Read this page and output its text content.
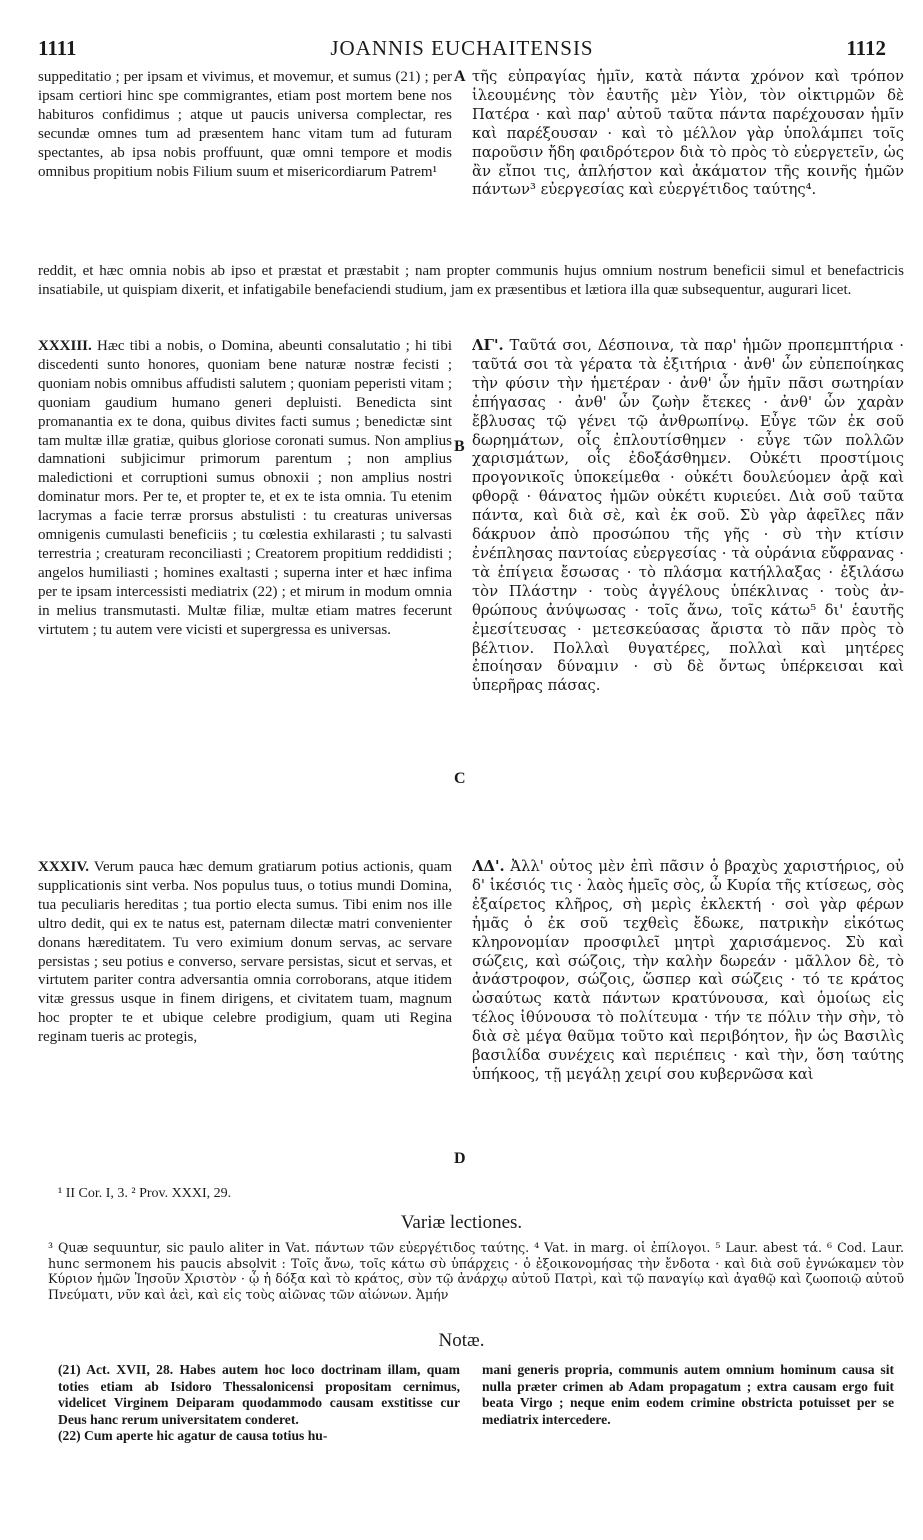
1111	JOANNIS EUCHAITENSIS	1112

suppeditatio ; per ipsam et vivimus, et movemur, et sumus (21) ; per ipsam certiori hinc spe commigrantes, etiam post mortem bene nos habituros confidimus ; atque ut paucis universa complectar, res secundæ omnes tum ad præsentem hanc vitam tum ad futuram spectantes, ab ipsa nobis proffuunt, quæ omni tempore et modis omnibus propitium nobis Filium suum et misericordiarum Patrem¹

τῆς εὐπραγίας ἡμῖν, κατὰ πάντα χρόνον καὶ τρόπον ἱλεουμένης τὸν ἑαυτῆς μὲν Υἱὸν, τὸν οἰκτιρμῶν δὲ Πατέρα · καὶ παρ' αὐτοῦ ταῦτα πάντα παρέχουσαν ἡμῖν καὶ παρέξουσαν · καὶ τὸ μέλλον γὰρ ὑπολάμπει τοῖς παροῦσιν ἤδη φαιδρότερον διὰ τὸ πρὸς τὸ εὐεργετεῖν, ὡς ἂν εἴποι τις, ἀπλήστον καὶ ἀκάματον τῆς κοινῆς ἡμῶν πάντων³ εὐεργεσίας καὶ εὐεργέτιδος ταύτης⁴.

reddit, et hæc omnia nobis ab ipso et præstat et præstabit ; nam propter communis hujus omnium nostrum beneficii simul et benefactricis insatiabile, ut quispiam dixerit, et infatigabile benefaciendi studium, jam ex præsentibus et lætiora illa quæ subsequentur, augurari licet.

XXXIII. Hæc tibi a nobis, o Domina, abeunti consalutatio ; hi tibi discedenti sunto honores, quoniam bene naturæ nostræ fecisti ; quoniam nobis omnibus affudisti salutem ; quoniam peperisti vitam ; quoniam gaudium humano generi depluisti. Benedicta sint promanantia ex te dona, quibus divites facti sumus ; benedictæ sint tam multæ illæ gratiæ, quibus gloriose coronati sumus. Non amplius damnationi subjicimur primorum parentum ; non amplius maledictioni et corruptioni sumus obnoxii ; non amplius nostri dominatur mors. Per te, et propter te, et ex te ista omnia. Tu etenim lacrymas a facie terræ prorsus abstulisti : tu creaturas universas omnigenis cumulasti beneficiis ; tu cœlestia exhilarasti ; tu salvasti terrestria ; creaturam reconciliasti ; Creatorem propitium reddidisti ; angelos humiliasti ; homines exaltasti ; superna inter et hæc infima per te ipsam intercessisti mediatrix (22) ; et mirum in modum omnia in melius transmutasti. Multæ filiæ, multæ etiam matres fecerunt virtutem ; tu autem vere vicisti et supergressa es universas.

ΛΓ'. Ταῦτά σοι, Δέσποινα, τὰ παρ' ἡμῶν προπεμπτήρια · ταῦτά σοι τὰ γέρατα τὰ ἐξιτήρια · ἀνθ' ὧν εὐπεποίηκας τὴν φύσιν τὴν ἡμετέραν · ἀνθ' ὧν ἡμῖν πᾶσι σωτηρίαν ἐπήγασας · ἀνθ' ὧν ζωὴν ἔτεκες · ἀνθ' ὧν χαρὰν ἔβλυσας τῷ γένει τῷ ἀνθρωπίνῳ. Εὖγε τῶν ἐκ σοῦ δωρημάτων, οἷς ἐπλουτίσθημεν · εὖγε τῶν πολλῶν χαρισμάτων, οἷς ἐδοξάσθημεν. Οὐκέτι προστίμοις προγονικοῖς ὑποκείμεθα · οὐκέτι δουλεύομεν ἀρᾷ καὶ φθορᾷ · θάνατος ἡμῶν οὐκέτι κυριεύει. Διὰ σοῦ ταῦτα πάντα, καὶ διὰ σὲ, καὶ ἐκ σοῦ. Σὺ γὰρ ἀφεῖλες πᾶν δάκρυον ἀπὸ προσώπου τῆς γῆς · σὺ τὴν κτίσιν ἐνέπλησας παντοίας εὐεργεσίας · τὰ οὐράνια εὔφρανας · τὰ ἐπίγεια ἔσωσας · τὸ πλάσμα κατήλλαξας · ἐξιλάσω τὸν Πλάστην · τοὺς ἀγγέλους ὑπέκλινας · τοὺς ἀνθρώπους ἀνύψωσας · τοῖς ἄνω, τοῖς κάτω⁵ δι' ἑαυτῆς ἐμεσίτευσας · μετεσκεύασας ἄριστα τὸ πᾶν πρὸς τὸ βέλτιον. Πολλαὶ θυγατέρες, πολλαὶ καὶ μητέρες ἐποίησαν δύναμιν · σὺ δὲ ὄντως ὑπέρκεισαι καὶ ὑπερῆρας πάσας.

XXXIV. Verum pauca hæc demum gratiarum potius actionis, quam supplicationis sint verba. Nos populus tuus, o totius mundi Domina, tua peculiaris hereditas ; tua portio electa sumus. Tibi enim nos ille ultro dedit, qui ex te natus est, paternam dilectæ matri convenienter donans hæreditatem. Tu vero eximium donum servas, ac servare persistas ; seu potius e converso, servare persistas, sicut et servas, et virtutem pariter contra adversantia omnia corroborans, atque itidem vitæ gressus usque in finem dirigens, et civitatem tuam, magnum hoc propter te et ubique celebre prodigium, quam uti Regina reginam tueris ac protegis,

ΛΔ'. Ἀλλ' οὗτος μὲν ἐπὶ πᾶσιν ὁ βραχὺς χαριστήριος, οὐ δ' ἱκέσιός τις · λαὸς ἡμεῖς σὸς, ὦ Κυρία τῆς κτίσεως, σὸς ἐξαίρετος κλῆρος, σὴ μερὶς ἐκλεκτή · σοὶ γὰρ φέρων ἡμᾶς ὁ ἐκ σοῦ τεχθεὶς ἔδωκε, πατρικὴν εἰκότως κληρονομίαν προσφιλεῖ μητρὶ χαρισάμενος. Σὺ καὶ σώζεις, καὶ σώζοις, τὴν καλὴν δωρεάν · μᾶλλον δὲ, τὸ ἀνάστροφον, σώζοις, ὥσπερ καὶ σώζεις · τό τε κράτος ὠσαύτως κατὰ πάντων κρατύνουσα, καὶ ὁμοίως εἰς τέλος ἰθύνουσα τὸ πολίτευμα · τήν τε πόλιν τὴν σὴν, τὸ διὰ σὲ μέγα θαῦμα τοῦτο καὶ περιβόητον, ἣν ὡς Βασιλὶς βασιλίδα συνέχεις καὶ περιέπεις · καὶ τὴν, ὅση ταύτης ὑπήκοος, τῇ μεγάλῃ χειρί σου κυβερνῶσα καὶ

A
B
C
D
¹ II Cor. I, 3. ² Prov. XXXI, 29.
Variæ lectiones.
³ Quæ sequuntur, sic paulo aliter in Vat. πάντων τῶν εὐεργέτιδος ταύτης. ⁴ Vat. in marg. οἱ ἐπίλογοι. ⁵ Laur. abest τά. ⁶ Cod. Laur. hunc sermonem his paucis absolvit : Τοῖς ἄνω, τοῖς κάτω σὺ ὑπάρχεις · ὁ ἐξοικονομήσας τὴν ἔνδοτα · καὶ διὰ σοῦ ἐγνώκαμεν τὸν Κύριον ἡμῶν Ἰησοῦν Χριστὸν · ᾧ ἡ δόξα καὶ τὸ κράτος, σὺν τῷ ἀνάρχῳ αὐτοῦ Πατρὶ, καὶ τῷ παναγίῳ καὶ ἀγαθῷ καὶ ζωοποιῷ αὐτοῦ Πνεύματι, νῦν καὶ ἀεὶ, καὶ εἰς τοὺς αἰῶνας τῶν αἰώνων. Ἀμήν
Notæ.

(21) Act. XVII, 28. Habes autem hoc loco doctrinam illam, quam toties etiam ab Isidoro Thessalonicensi propositam cernimus, videlicet Virginem Deiparam quodammodo causam exstitisse cur Deus hanc rerum universitatem conderet.

(22) Cum aperte hic agatur de causa totius hu-

mani generis propria, communis autem omnium hominum causa sit nulla præter crimen ab Adam propagatum ; extra causam ergo fuit beata Virgo ; neque enim eodem crimine obstricta potuisset per se mediatrix intercedere.
